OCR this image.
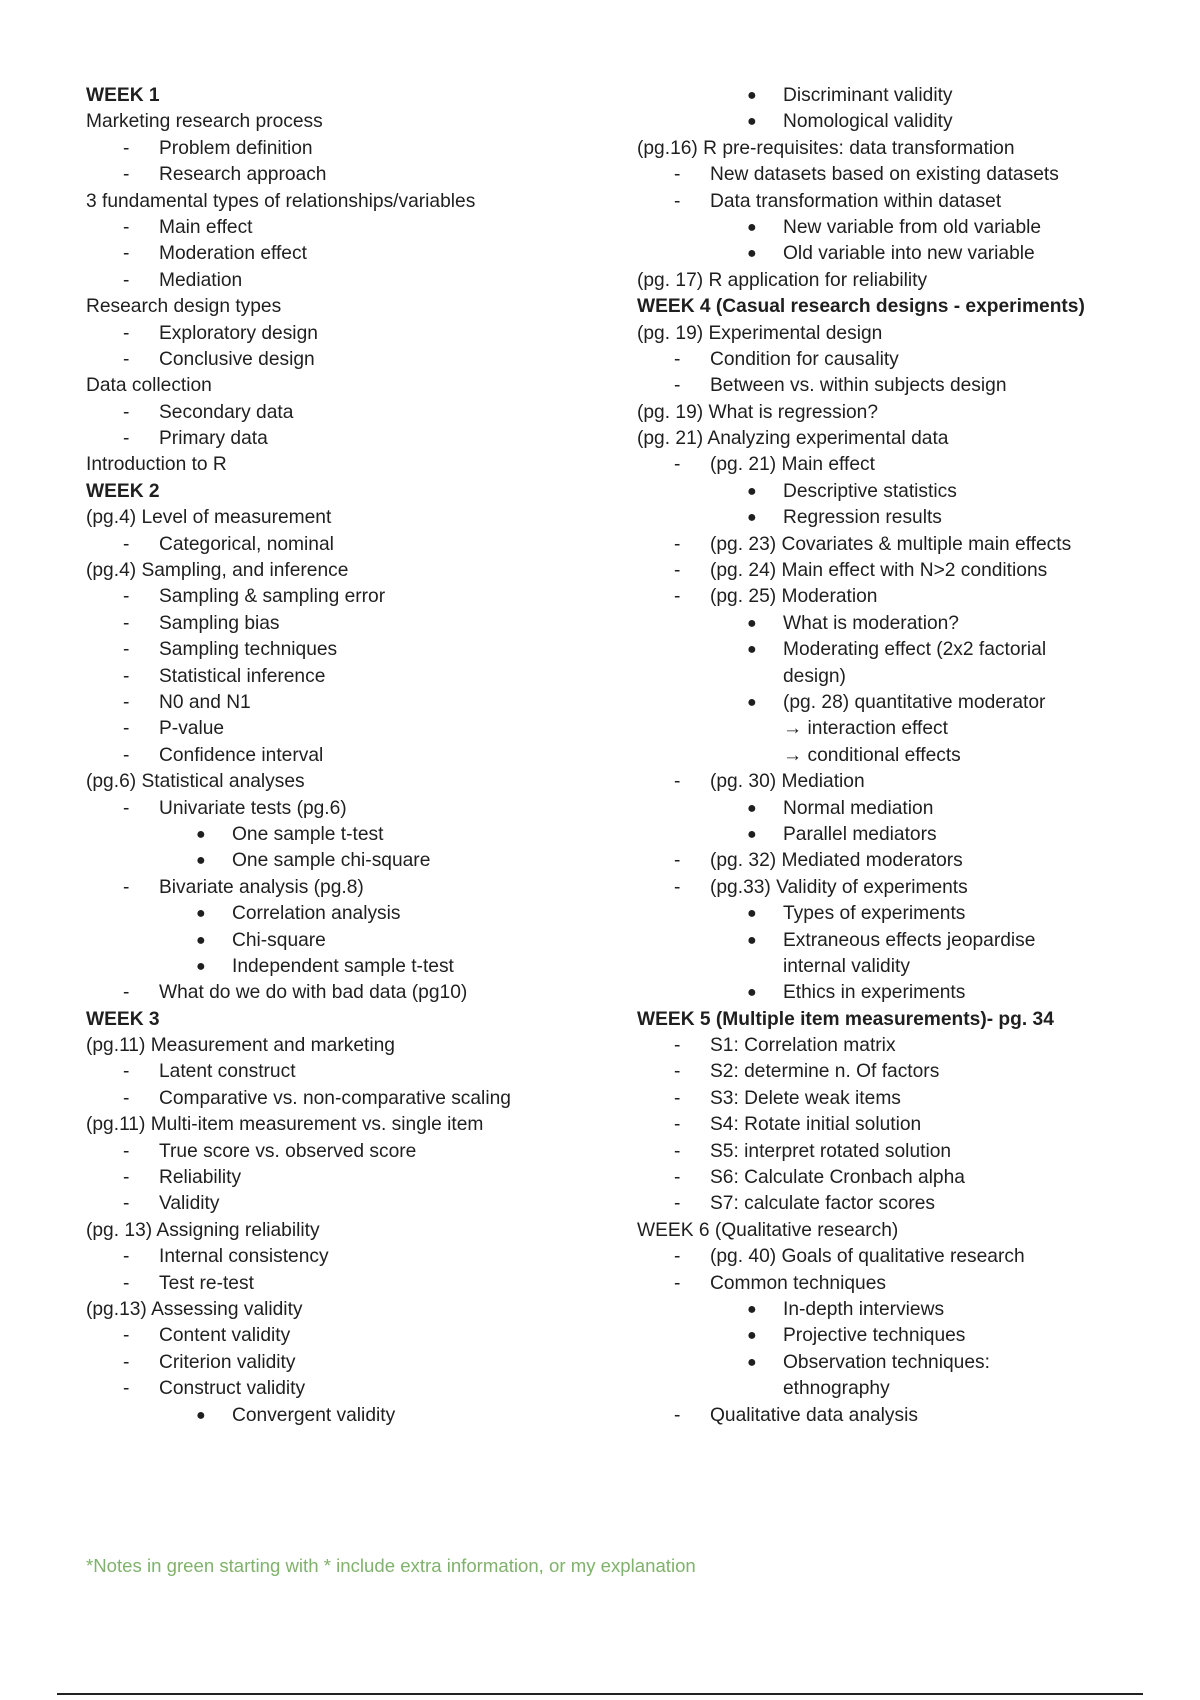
WEEK 1
Marketing research process
- Problem definition
- Research approach
3 fundamental types of relationships/variables
- Main effect
- Moderation effect
- Mediation
Research design types
- Exploratory design
- Conclusive design
Data collection
- Secondary data
- Primary data
Introduction to R
WEEK 2
(pg.4) Level of measurement
- Categorical, nominal
(pg.4) Sampling, and inference
- Sampling & sampling error
- Sampling bias
- Sampling techniques
- Statistical inference
- N0 and N1
- P-value
- Confidence interval
(pg.6) Statistical analyses
- Univariate tests (pg.6)
● One sample t-test
● One sample chi-square
- Bivariate analysis (pg.8)
● Correlation analysis
● Chi-square
● Independent sample t-test
- What do we do with bad data (pg10)
WEEK 3
(pg.11) Measurement and marketing
- Latent construct
- Comparative vs. non-comparative scaling
(pg.11) Multi-item measurement vs. single item
- True score vs. observed score
- Reliability
- Validity
(pg. 13) Assigning reliability
- Internal consistency
- Test re-test
(pg.13) Assessing validity
- Content validity
- Criterion validity
- Construct validity
● Convergent validity
● Discriminant validity
● Nomological validity
(pg.16) R pre-requisites: data transformation
- New datasets based on existing datasets
- Data transformation within dataset
● New variable from old variable
● Old variable into new variable
(pg. 17) R application for reliability
WEEK 4 (Casual research designs - experiments)
(pg. 19) Experimental design
- Condition for causality
- Between vs. within subjects design
(pg. 19) What is regression?
(pg. 21) Analyzing experimental data
- (pg. 21) Main effect
● Descriptive statistics
● Regression results
- (pg. 23) Covariates & multiple main effects
- (pg. 24) Main effect with N>2 conditions
- (pg. 25) Moderation
● What is moderation?
● Moderating effect (2x2 factorial
design)
● (pg. 28) quantitative moderator
→ interaction effect
→ conditional effects
- (pg. 30) Mediation
● Normal mediation
● Parallel mediators
- (pg. 32) Mediated moderators
- (pg.33) Validity of experiments
● Types of experiments
● Extraneous effects jeopardise
internal validity
● Ethics in experiments
WEEK 5 (Multiple item measurements)- pg. 34
- S1: Correlation matrix
- S2: determine n. Of factors
- S3: Delete weak items
- S4: Rotate initial solution
- S5: interpret rotated solution
- S6: Calculate Cronbach alpha
- S7: calculate factor scores
WEEK 6 (Qualitative research)
- (pg. 40) Goals of qualitative research
- Common techniques
● In-depth interviews
● Projective techniques
● Observation techniques:
ethnography
- Qualitative data analysis
*Notes in green starting with * include extra information, or my explanation
